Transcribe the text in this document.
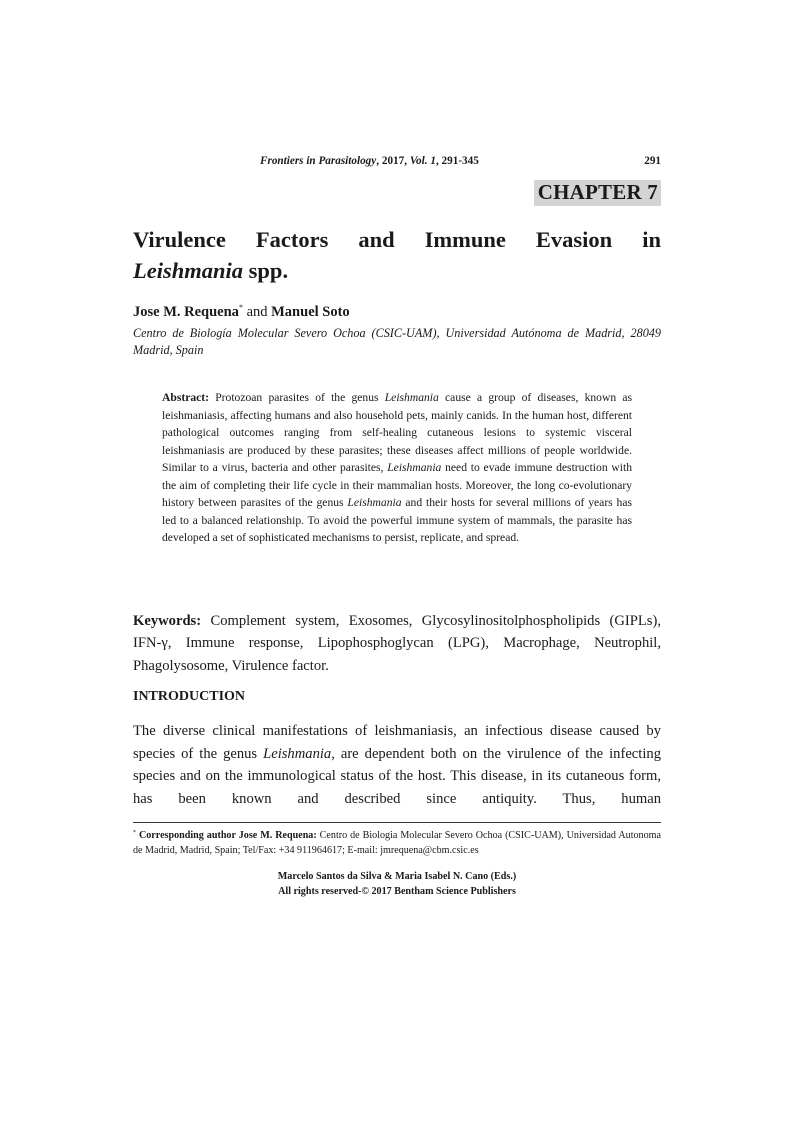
Frontiers in Parasitology, 2017, Vol. 1, 291-345	291
CHAPTER 7
Virulence Factors and Immune Evasion in
Leishmania spp.
Jose M. Requena* and Manuel Soto
Centro de Biología Molecular Severo Ochoa (CSIC-UAM), Universidad Autónoma de Madrid, 28049 Madrid, Spain
Abstract: Protozoan parasites of the genus Leishmania cause a group of diseases, known as leishmaniasis, affecting humans and also household pets, mainly canids. In the human host, different pathological outcomes ranging from self-healing cutaneous lesions to systemic visceral leishmaniasis are produced by these parasites; these diseases affect millions of people worldwide. Similar to a virus, bacteria and other parasites, Leishmania need to evade immune destruction with the aim of completing their life cycle in their mammalian hosts. Moreover, the long co-evolutionary history between parasites of the genus Leishmania and their hosts for several millions of years has led to a balanced relationship. To avoid the powerful immune system of mammals, the parasite has developed a set of sophisticated mechanisms to persist, replicate, and spread.
Keywords: Complement system, Exosomes, Glycosylinositolphospholipids (GIPLs), IFN-γ, Immune response, Lipophosphoglycan (LPG), Macrophage, Neutrophil, Phagolysosome, Virulence factor.
INTRODUCTION
The diverse clinical manifestations of leishmaniasis, an infectious disease caused by species of the genus Leishmania, are dependent both on the virulence of the infecting species and on the immunological status of the host. This disease, in its cutaneous form, has been known and described since antiquity. Thus, human
* Corresponding author Jose M. Requena: Centro de Biologia Molecular Severo Ochoa (CSIC-UAM), Universidad Autonoma de Madrid, Madrid, Spain; Tel/Fax: +34 911964617; E-mail: jmrequena@cbm.csic.es
Marcelo Santos da Silva & Maria Isabel N. Cano (Eds.)
All rights reserved-© 2017 Bentham Science Publishers
